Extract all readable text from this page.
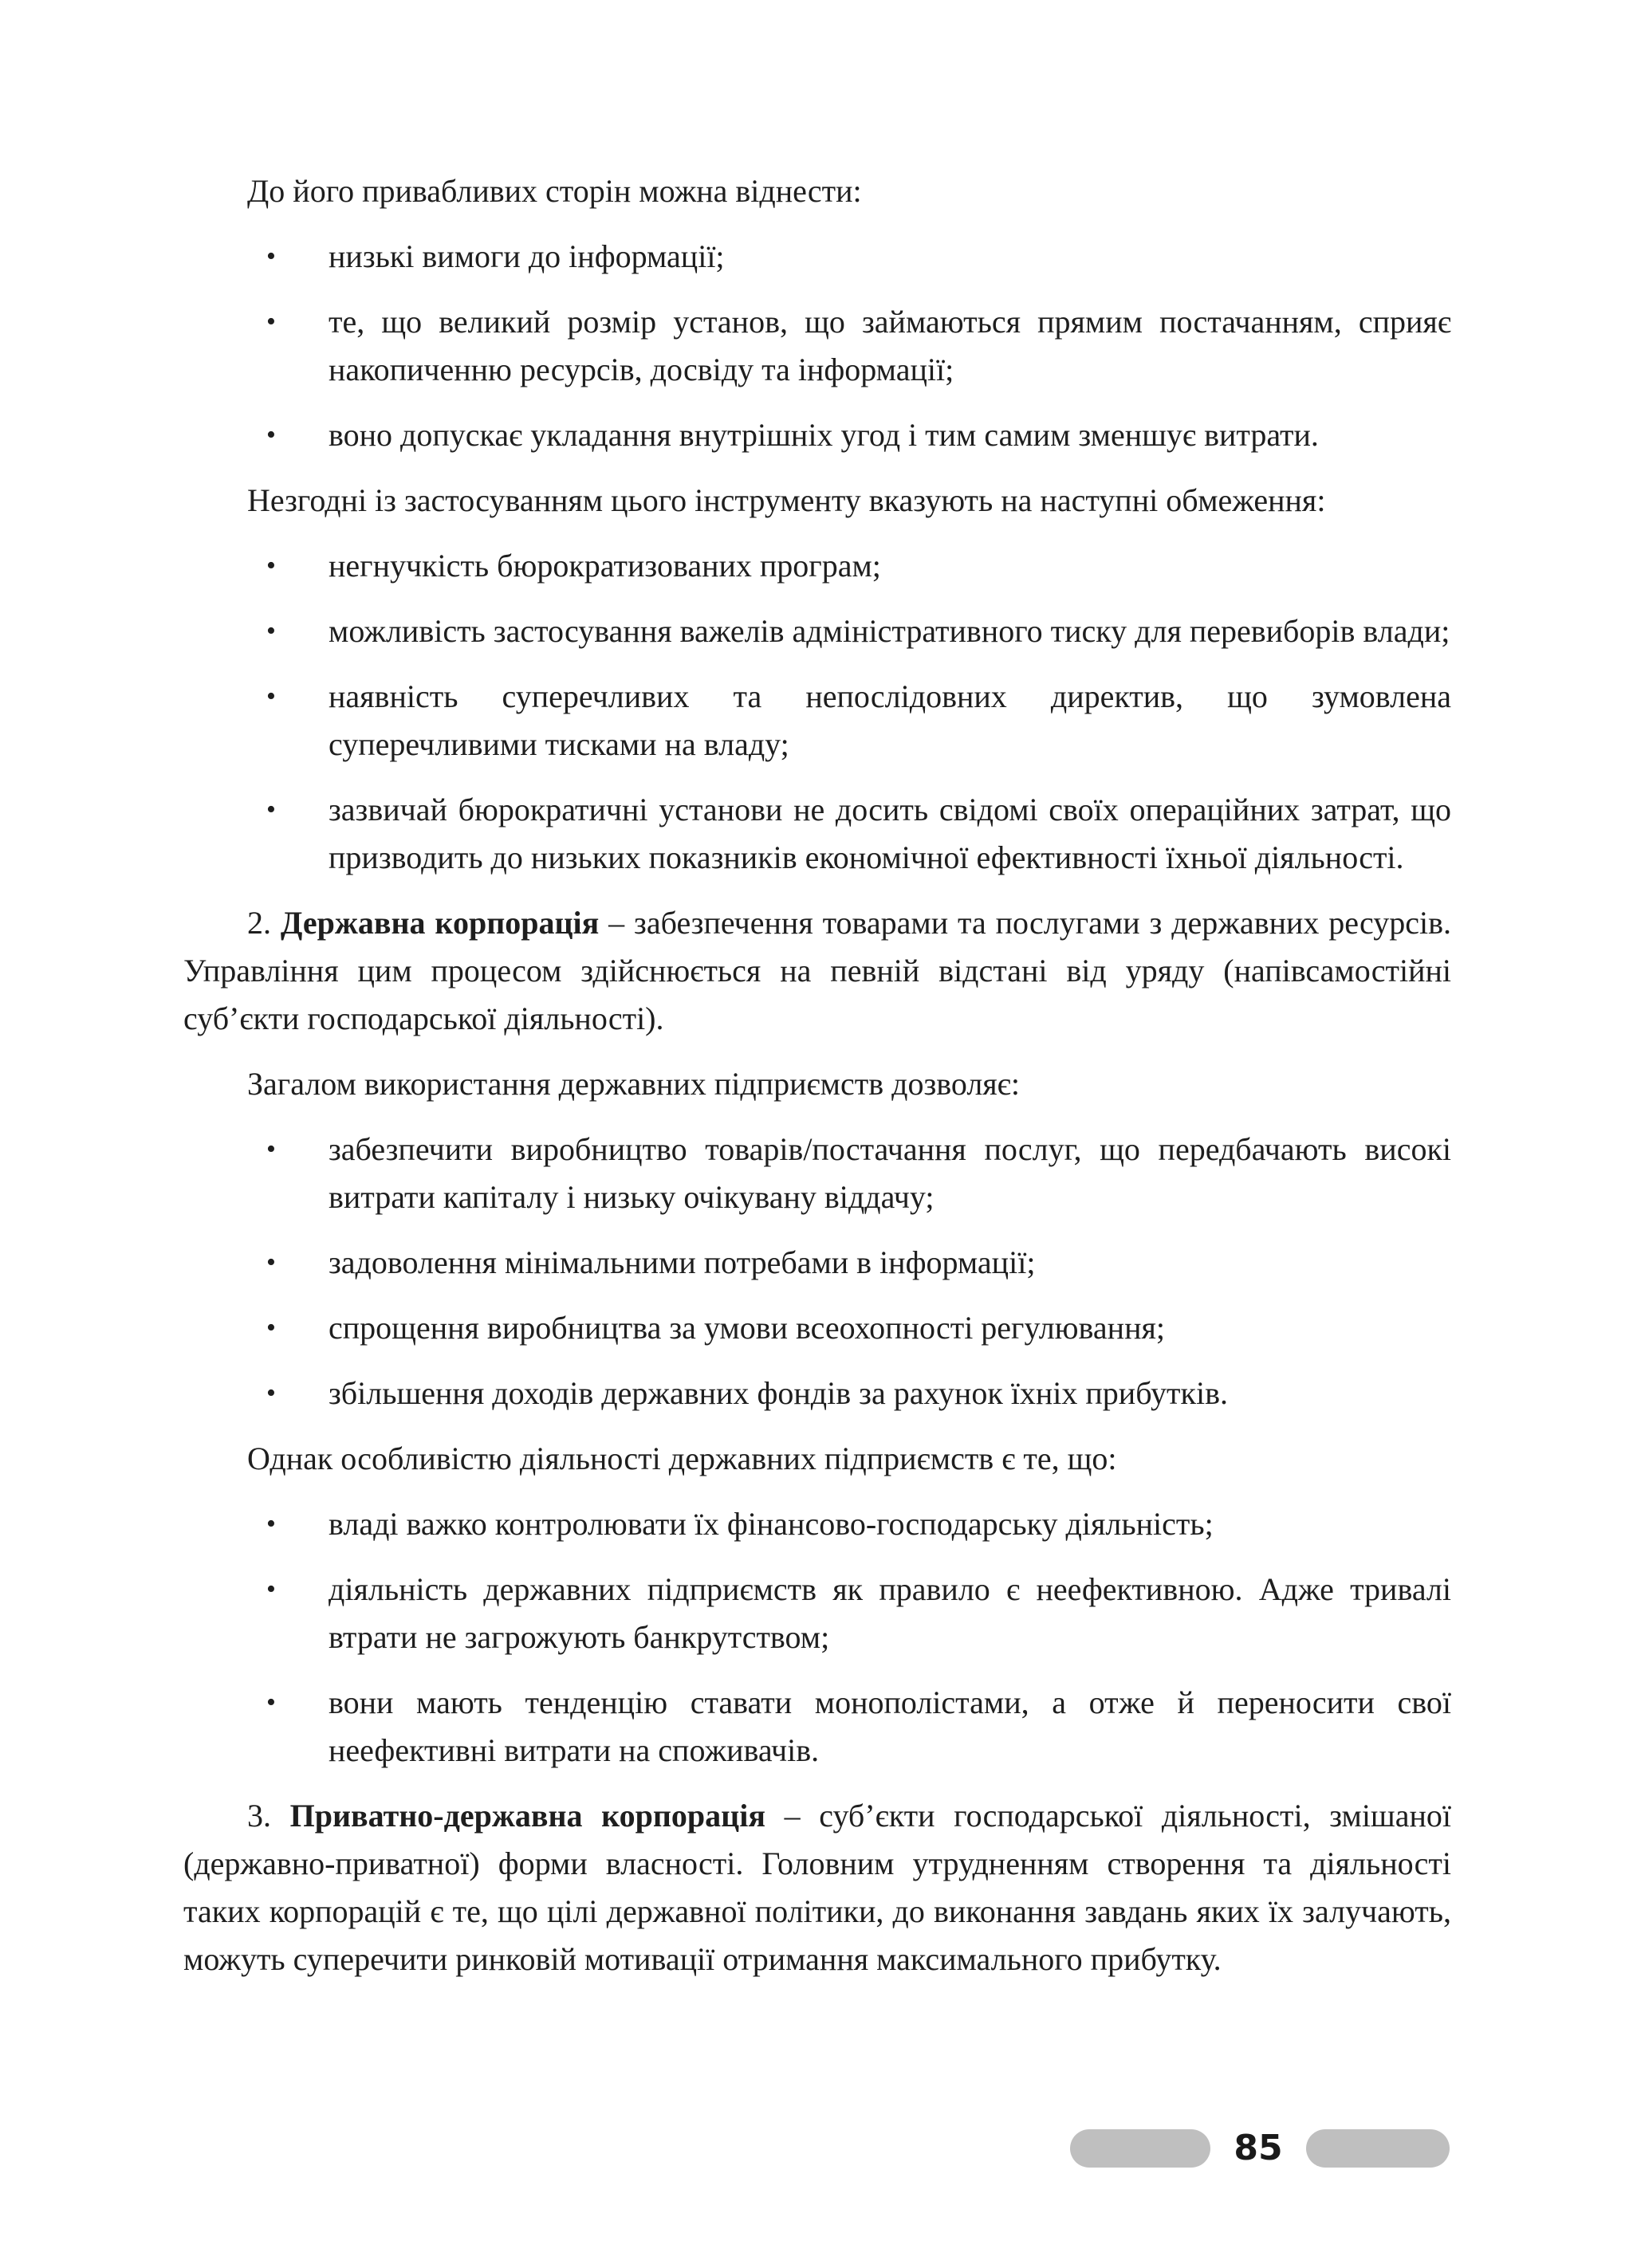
До його привабливих сторін можна віднести:

• низькі вимоги до інформації;
• те, що великий розмір установ, що займаються прямим постачанням, сприяє накопиченню ресурсів, досвіду та інформації;
• воно допускає укладання внутрішніх угод і тим самим зменшує витрати.

Незгодні із застосуванням цього інструменту вказують на наступні обмеження:

• негнучкість бюрократизованих програм;
• можливість застосування важелів адміністративного тиску для перевиборів влади;
• наявність суперечливих та непослідовних директив, що зумовлена суперечливими тисками на владу;
• зазвичай бюрократичні установи не досить свідомі своїх операційних затрат, що призводить до низьких показників економічної ефективності їхньої діяльності.

2. Державна корпорація – забезпечення товарами та послугами з державних ресурсів. Управління цим процесом здійснюється на певній відстані від уряду (напівсамостійні суб’єкти господарської діяльності).

Загалом використання державних підприємств дозволяє:

• забезпечити виробництво товарів/постачання послуг, що передбачають високі витрати капіталу і низьку очікувану віддачу;
• задоволення мінімальними потребами в інформації;
• спрощення виробництва за умови всеохопності регулювання;
• збільшення доходів державних фондів за рахунок їхніх прибутків.

Однак особливістю діяльності державних підприємств є те, що:

• владі важко контролювати їх фінансово-господарську діяльність;
• діяльність державних підприємств як правило є неефективною. Адже тривалі втрати не загрожують банкрутством;
• вони мають тенденцію ставати монополістами, а отже й переносити свої неефективні витрати на споживачів.

3. Приватно-державна корпорація – суб’єкти господарської діяльності, змішаної (державно-приватної) форми власності. Головним утрудненням створення та діяльності таких корпорацій є те, що цілі державної політики, до виконання завдань яких їх залучають, можуть суперечити ринковій мотивації отримання максимального прибутку.

85
